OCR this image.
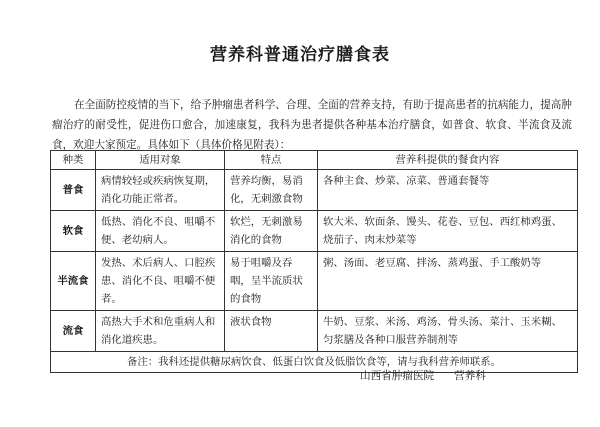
营养科普通治疗膳食表
在全面防控疫情的当下，给予肿瘤患者科学、合理、全面的营养支持，有助于提高患者的抗病能力，提高肿瘤治疗的耐受性，促进伤口愈合，加速康复，我科为患者提供各种基本治疗膳食，如普食、软食、半流食及流食，欢迎大家预定。具体如下（具体价格见附表）：
种类	适用对象	特点	营养科提供的餐食内容
普食	病情较轻或疾病恢复期，消化功能正常者。	营养均衡，易消化，无刺激食物	各种主食、炒菜、凉菜、普通套餐等
软食	低热、消化不良、咀嚼不便、老幼病人。	软烂，无刺激易消化的食物	软大米、软面条、馒头、花卷、豆包、西红柿鸡蛋、烧茄子、肉末炒菜等
半流食	发热、术后病人、口腔疾患、消化不良、咀嚼不便者。	易于咀嚼及吞咽，呈半流质状的食物	粥、汤面、老豆腐、拌汤、蒸鸡蛋、手工酸奶等
流食	高热大手术和危重病人和消化道疾患。	液状食物	牛奶、豆浆、米汤、鸡汤、骨头汤、菜汁、玉米糊、匀浆膳及各种口服营养制剂等
备注：我科还提供糖尿病饮食、低蛋白饮食及低脂饮食等，请与我科营养师联系。			
山西省肿瘤医院 营养科
